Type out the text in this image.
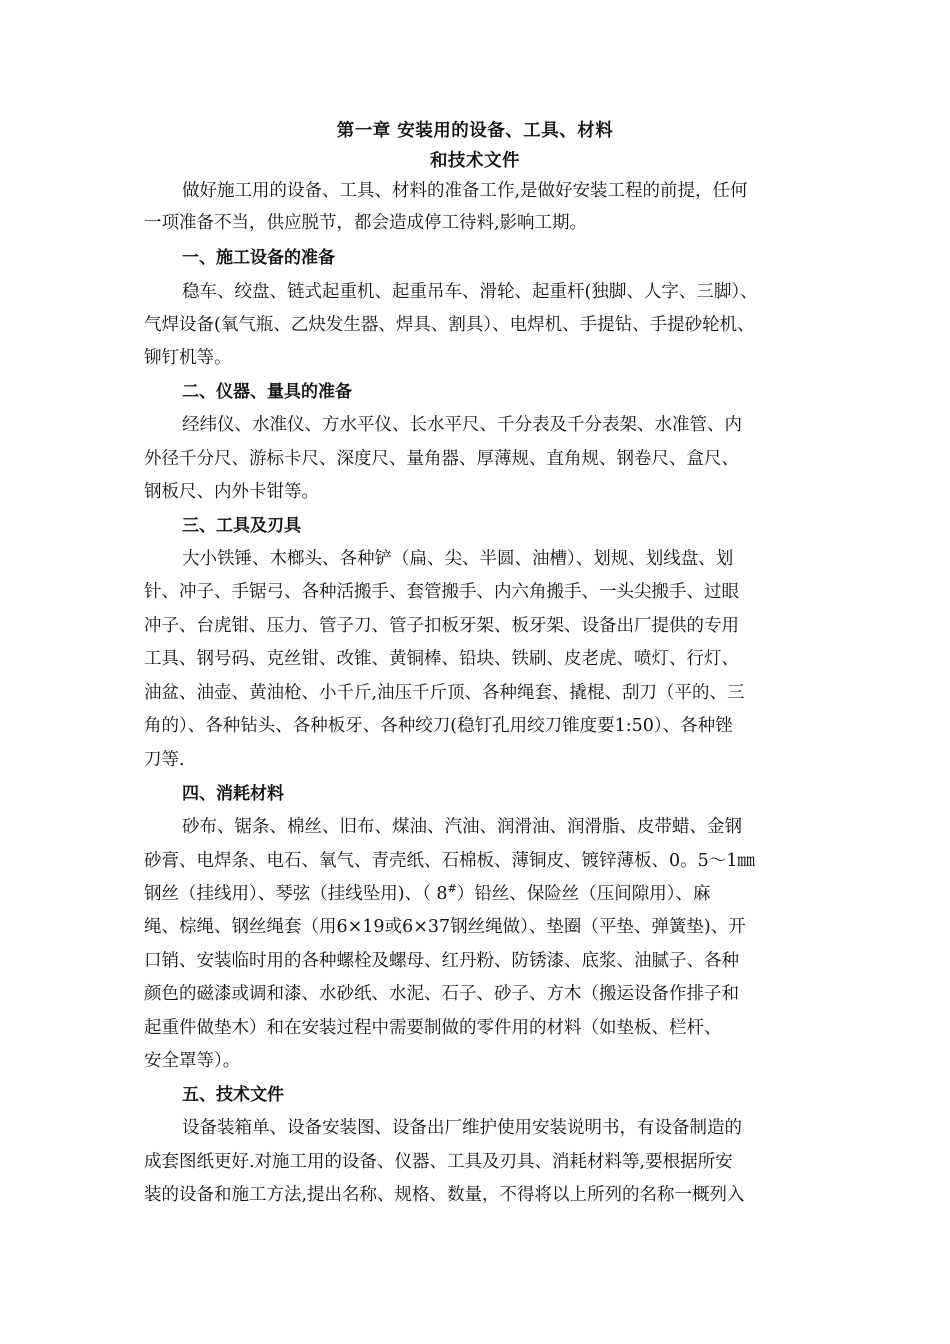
第一章 安装用的设备、工具、材料
和技术文件
做好施工用的设备、工具、材料的准备工作,是做好安装工程的前提，任何
一项准备不当，供应脱节，都会造成停工待料,影响工期。
一、施工设备的准备
稳车、绞盘、链式起重机、起重吊车、滑轮、起重杆(独脚、人字、三脚）、
气焊设备(氧气瓶、乙炔发生器、焊具、割具）、电焊机、手提钻、手提砂轮机、
铆钉机等。
二、仪器、量具的准备
经纬仪、水准仪、方水平仪、长水平尺、千分表及千分表架、水准管、内
外径千分尺、游标卡尺、深度尺、量角器、厚薄规、直角规、钢卷尺、盒尺、
钢板尺、内外卡钳等。
三、工具及刃具
大小铁锤、木榔头、各种铲（扁、尖、半圆、油槽）、划规、划线盘、划
针、冲子、手锯弓、各种活搬手、套管搬手、内六角搬手、一头尖搬手、过眼
冲子、台虎钳、压力、管子刀、管子扣板牙架、板牙架、设备出厂提供的专用
工具、钢号码、克丝钳、改锥、黄铜棒、铅块、铁刷、皮老虎、喷灯、行灯、
油盆、油壶、黄油枪、小千斤,油压千斤顶、各种绳套、撬棍、刮刀（平的、三
角的）、各种钻头、各种板牙、各种绞刀(稳钉孔用绞刀锥度要1:50）、各种锉
刀等.
四、消耗材料
砂布、锯条、棉丝、旧布、煤油、汽油、润滑油、润滑脂、皮带蜡、金钢
砂膏、电焊条、电石、氧气、青壳纸、石棉板、薄铜皮、镀锌薄板、0。5～1㎜
钢丝（挂线用）、琴弦（挂线坠用)、（ 8#）铅丝、保险丝（压间隙用）、麻
绳、棕绳、钢丝绳套（用6×19或6×37钢丝绳做）、垫圈（平垫、弹簧垫)、开
口销、安装临时用的各种螺栓及螺母、红丹粉、防锈漆、底浆、油腻子、各种
颜色的磁漆或调和漆、水砂纸、水泥、石子、砂子、方木（搬运设备作排子和
起重件做垫木）和在安装过程中需要制做的零件用的材料（如垫板、栏杆、
安全罩等）。
五、技术文件
设备装箱单、设备安装图、设备出厂维护使用安装说明书，有设备制造的
成套图纸更好.对施工用的设备、仪器、工具及刃具、消耗材料等,要根据所安
装的设备和施工方法,提出名称、规格、数量，不得将以上所列的名称一概列入
